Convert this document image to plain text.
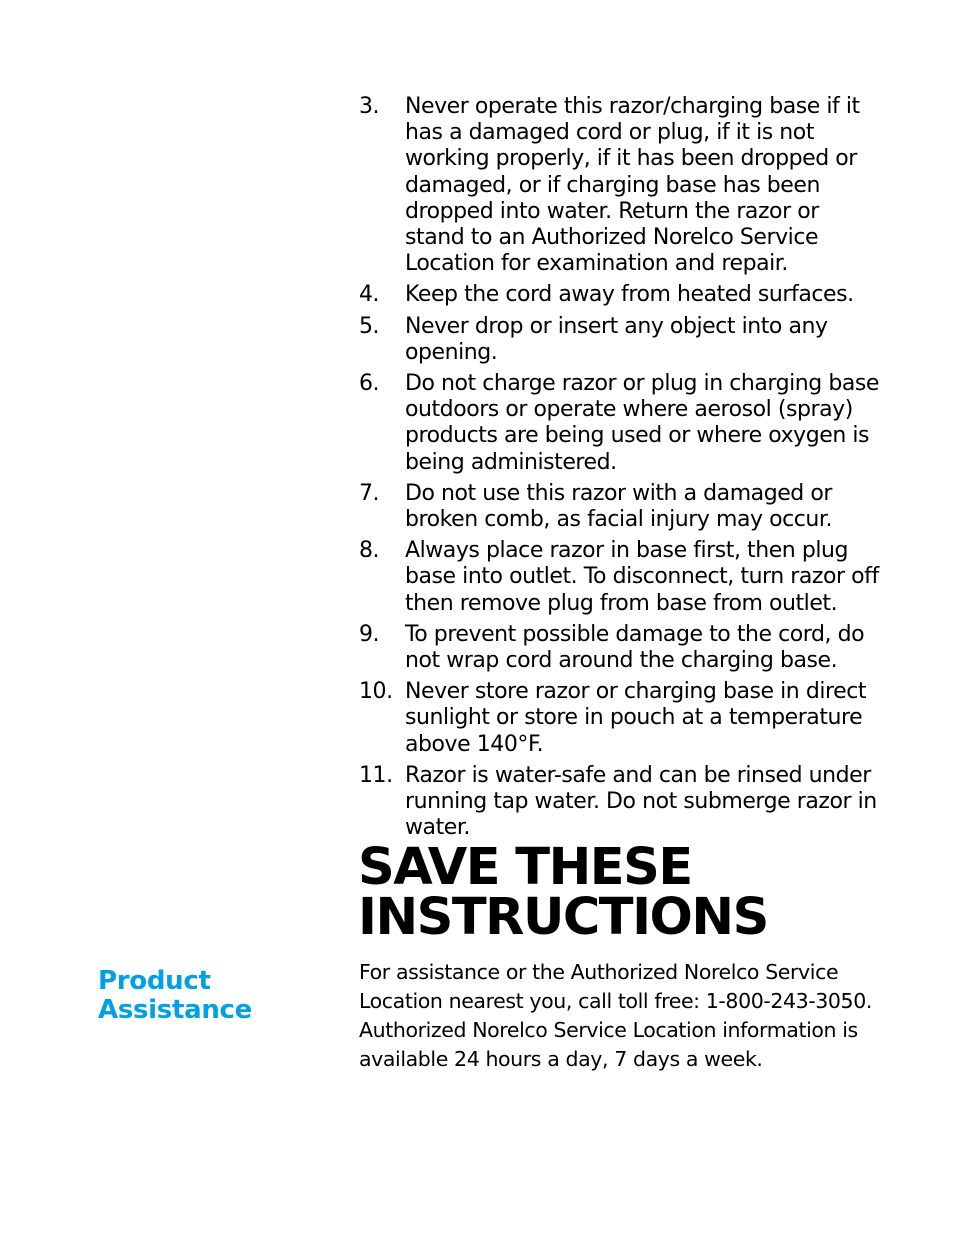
3.	Never operate this razor/charging base if it has a damaged cord or plug, if it is not working properly, if it has been dropped or damaged, or if charging base has been dropped into water. Return the razor or stand to an Authorized Norelco Service Location for examination and repair.
4.	Keep the cord away from heated surfaces.
5.	Never drop or insert any object into any opening.
6.	Do not charge razor or plug in charging base outdoors or operate where aerosol (spray) products are being used or where oxygen is being administered.
7.	Do not use this razor with a damaged or broken comb, as facial injury may occur.
8.	Always place razor in base first, then plug base into outlet. To disconnect, turn razor off then remove plug from base from outlet.
9.	To prevent possible damage to the cord, do not wrap cord around the charging base.
10. Never store razor or charging base in direct sunlight or store in pouch at a temperature above 140°F.
11. Razor is water-safe and can be rinsed under running tap water. Do not submerge razor in water.
SAVE THESE
INSTRUCTIONS
Product
Assistance

For assistance or the Authorized Norelco Service Location nearest you, call toll free: 1-800-243-3050. Authorized Norelco Service Location information is available 24 hours a day, 7 days a week.
